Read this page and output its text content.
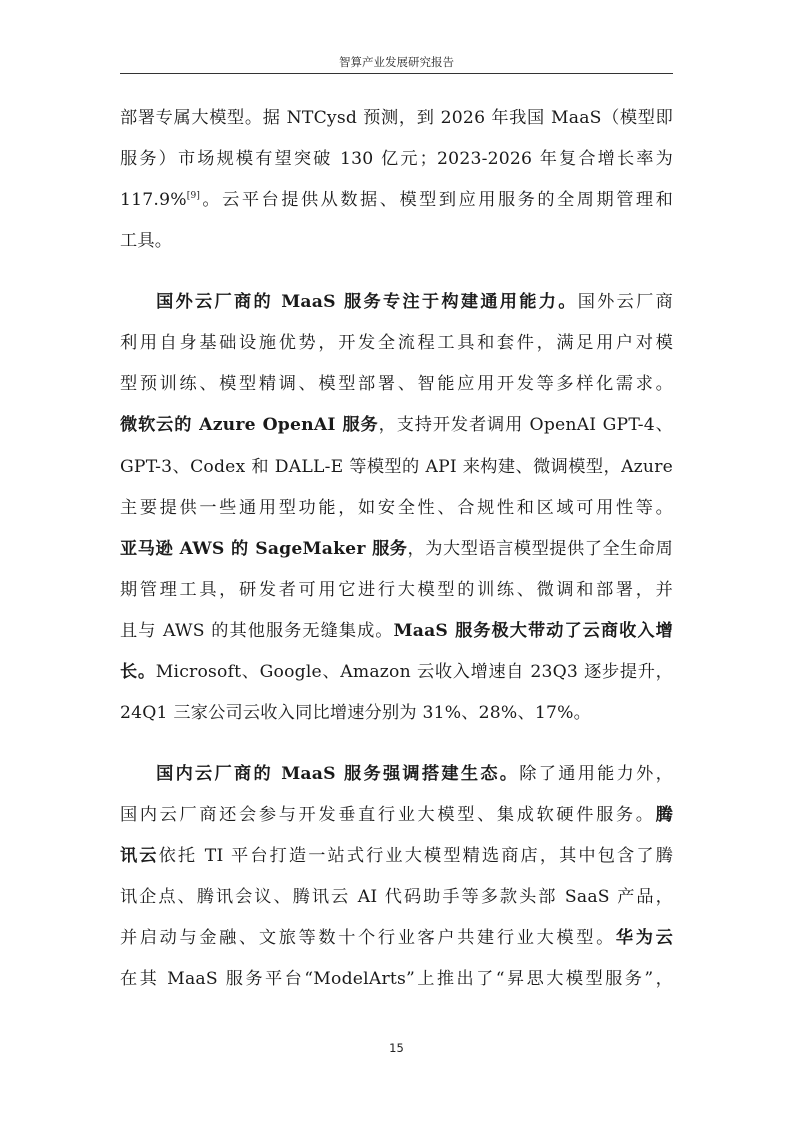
智算产业发展研究报告
部署专属大模型。据 NTCysd 预测，到 2026 年我国 MaaS（模型即
服务）市场规模有望突破 130 亿元；2023-2026 年复合增长率为
117.9%[9]。云平台提供从数据、模型到应用服务的全周期管理和
工具。
国外云厂商的 MaaS 服务专注于构建通用能力。国外云厂商
利用自身基础设施优势，开发全流程工具和套件，满足用户对模
型预训练、模型精调、模型部署、智能应用开发等多样化需求。
微软云的 Azure OpenAI 服务，支持开发者调用 OpenAI GPT-4、
GPT-3、Codex 和 DALL-E 等模型的 API 来构建、微调模型，Azure
主要提供一些通用型功能，如安全性、合规性和区域可用性等。
亚马逊 AWS 的 SageMaker 服务，为大型语言模型提供了全生命周
期管理工具，研发者可用它进行大模型的训练、微调和部署，并
且与 AWS 的其他服务无缝集成。MaaS 服务极大带动了云商收入增
长。Microsoft、Google、Amazon 云收入增速自 23Q3 逐步提升，
24Q1 三家公司云收入同比增速分别为 31%、28%、17%。
国内云厂商的 MaaS 服务强调搭建生态。除了通用能力外，
国内云厂商还会参与开发垂直行业大模型、集成软硬件服务。腾
讯云依托 TI 平台打造一站式行业大模型精选商店，其中包含了腾
讯企点、腾讯会议、腾讯云 AI 代码助手等多款头部 SaaS 产品，
并启动与金融、文旅等数十个行业客户共建行业大模型。华为云
在其 MaaS 服务平台“ModelArts”上推出了“昇思大模型服务”，
15
